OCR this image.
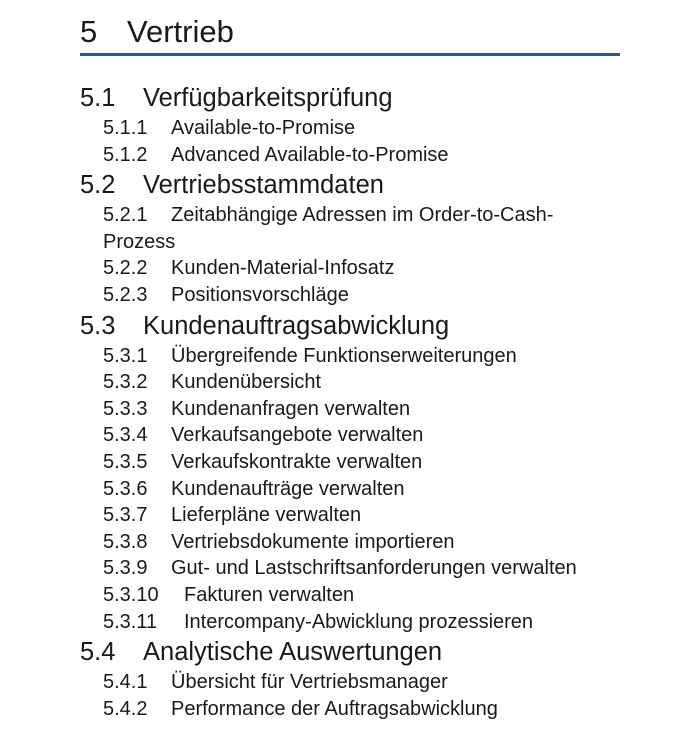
5 Vertrieb
5.1 Verfügbarkeitsprüfung
5.1.1 Available-to-Promise
5.1.2 Advanced Available-to-Promise
5.2 Vertriebsstammdaten
5.2.1 Zeitabhängige Adressen im Order-to-Cash-Prozess
5.2.2 Kunden-Material-Infosatz
5.2.3 Positionsvorschläge
5.3 Kundenauftragsabwicklung
5.3.1 Übergreifende Funktionserweiterungen
5.3.2 Kundenübersicht
5.3.3 Kundenanfragen verwalten
5.3.4 Verkaufsangebote verwalten
5.3.5 Verkaufskontrakte verwalten
5.3.6 Kundenaufträge verwalten
5.3.7 Lieferpläne verwalten
5.3.8 Vertriebsdokumente importieren
5.3.9 Gut- und Lastschriftsanforderungen verwalten
5.3.10 Fakturen verwalten
5.3.11 Intercompany-Abwicklung prozessieren
5.4 Analytische Auswertungen
5.4.1 Übersicht für Vertriebsmanager
5.4.2 Performance der Auftragsabwicklung
